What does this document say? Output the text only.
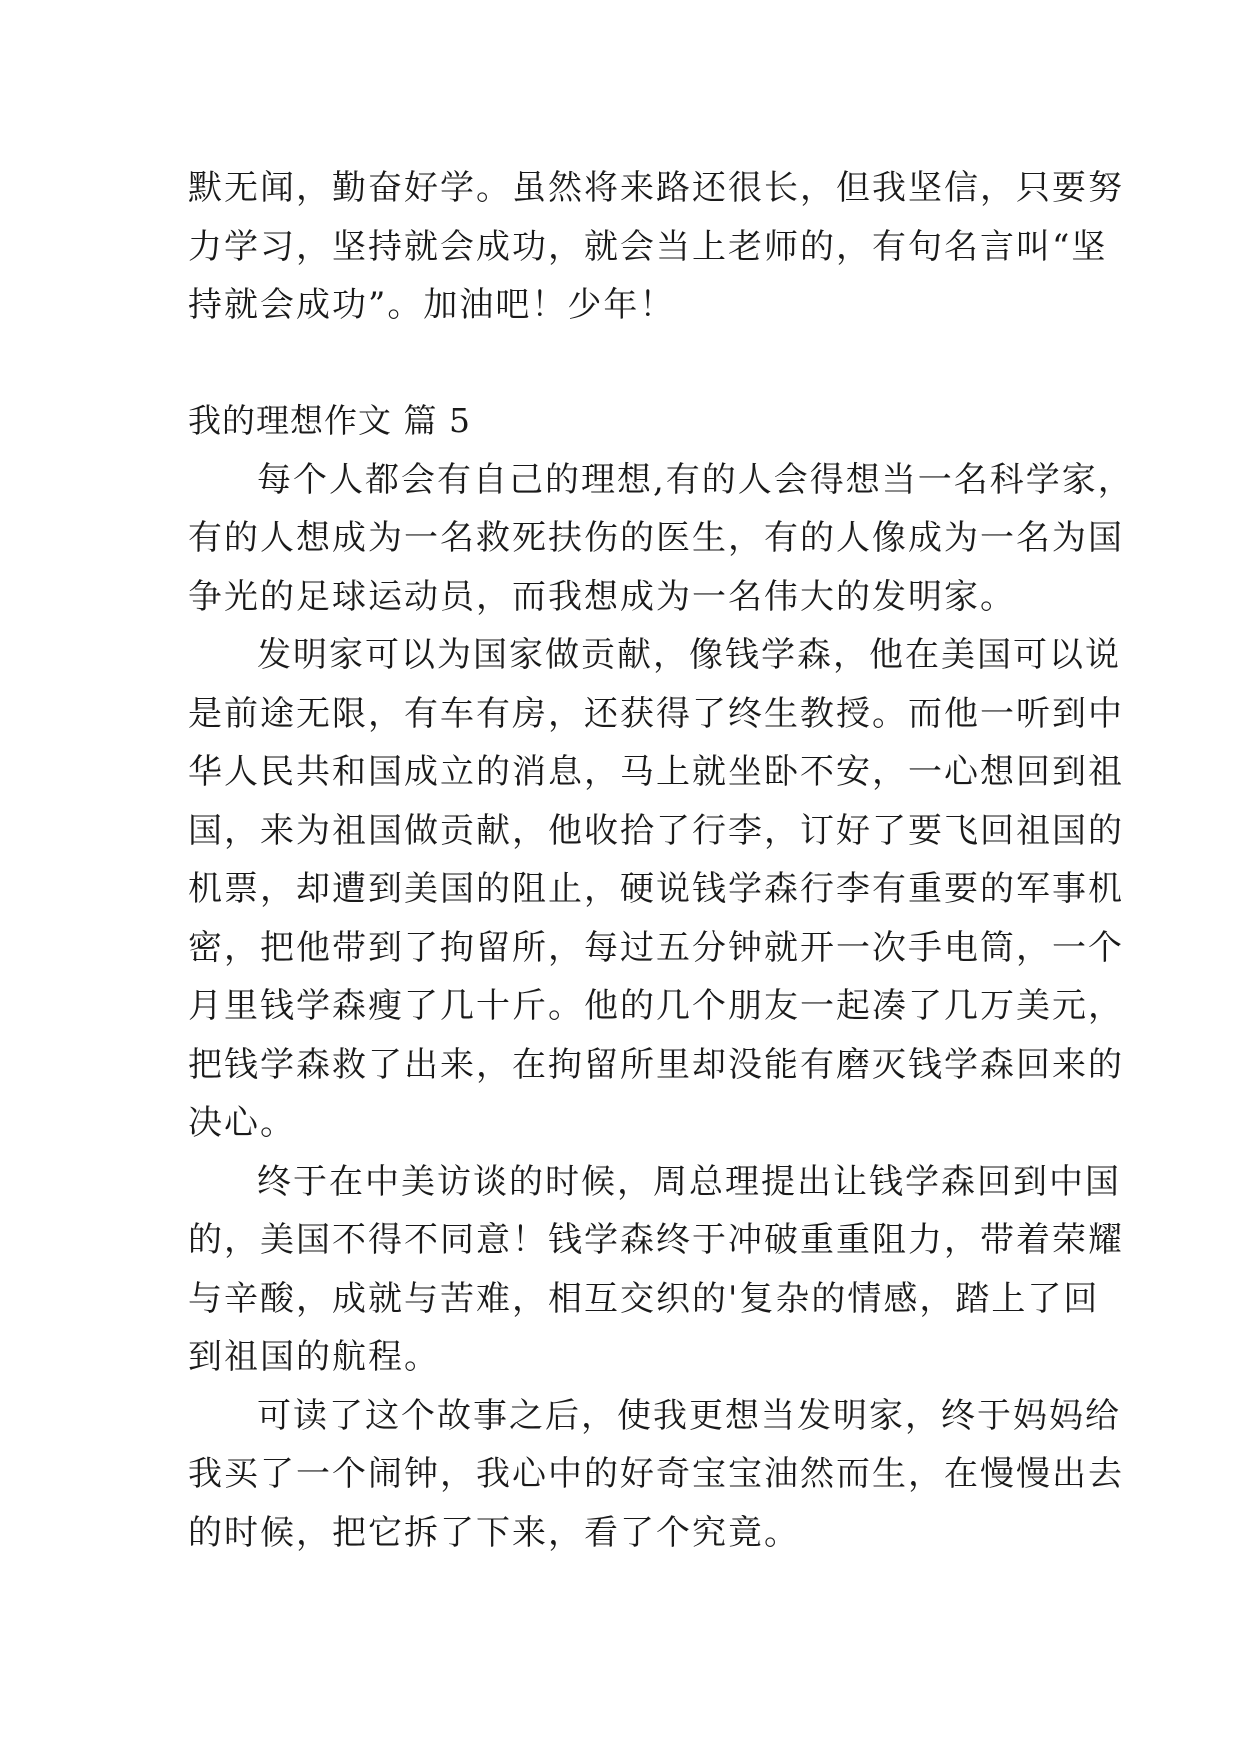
默无闻，勤奋好学。虽然将来路还很长，但我坚信，只要努
力学习，坚持就会成功，就会当上老师的，有句名言叫“坚
持就会成功”。加油吧！少年！
我的理想作文 篇 5
每个人都会有自己的理想,有的人会得想当一名科学家，
有的人想成为一名救死扶伤的医生，有的人像成为一名为国
争光的足球运动员，而我想成为一名伟大的发明家。
发明家可以为国家做贡献，像钱学森，他在美国可以说
是前途无限，有车有房，还获得了终生教授。而他一听到中
华人民共和国成立的消息，马上就坐卧不安，一心想回到祖
国，来为祖国做贡献，他收拾了行李，订好了要飞回祖国的
机票，却遭到美国的阻止，硬说钱学森行李有重要的军事机
密，把他带到了拘留所，每过五分钟就开一次手电筒，一个
月里钱学森瘦了几十斤。他的几个朋友一起凑了几万美元，
把钱学森救了出来，在拘留所里却没能有磨灭钱学森回来的
决心。
终于在中美访谈的时候，周总理提出让钱学森回到中国
的，美国不得不同意！钱学森终于冲破重重阻力，带着荣耀
与辛酸，成就与苦难，相互交织的'复杂的情感，踏上了回
到祖国的航程。
可读了这个故事之后，使我更想当发明家，终于妈妈给
我买了一个闹钟，我心中的好奇宝宝油然而生，在慢慢出去
的时候，把它拆了下来，看了个究竟。
